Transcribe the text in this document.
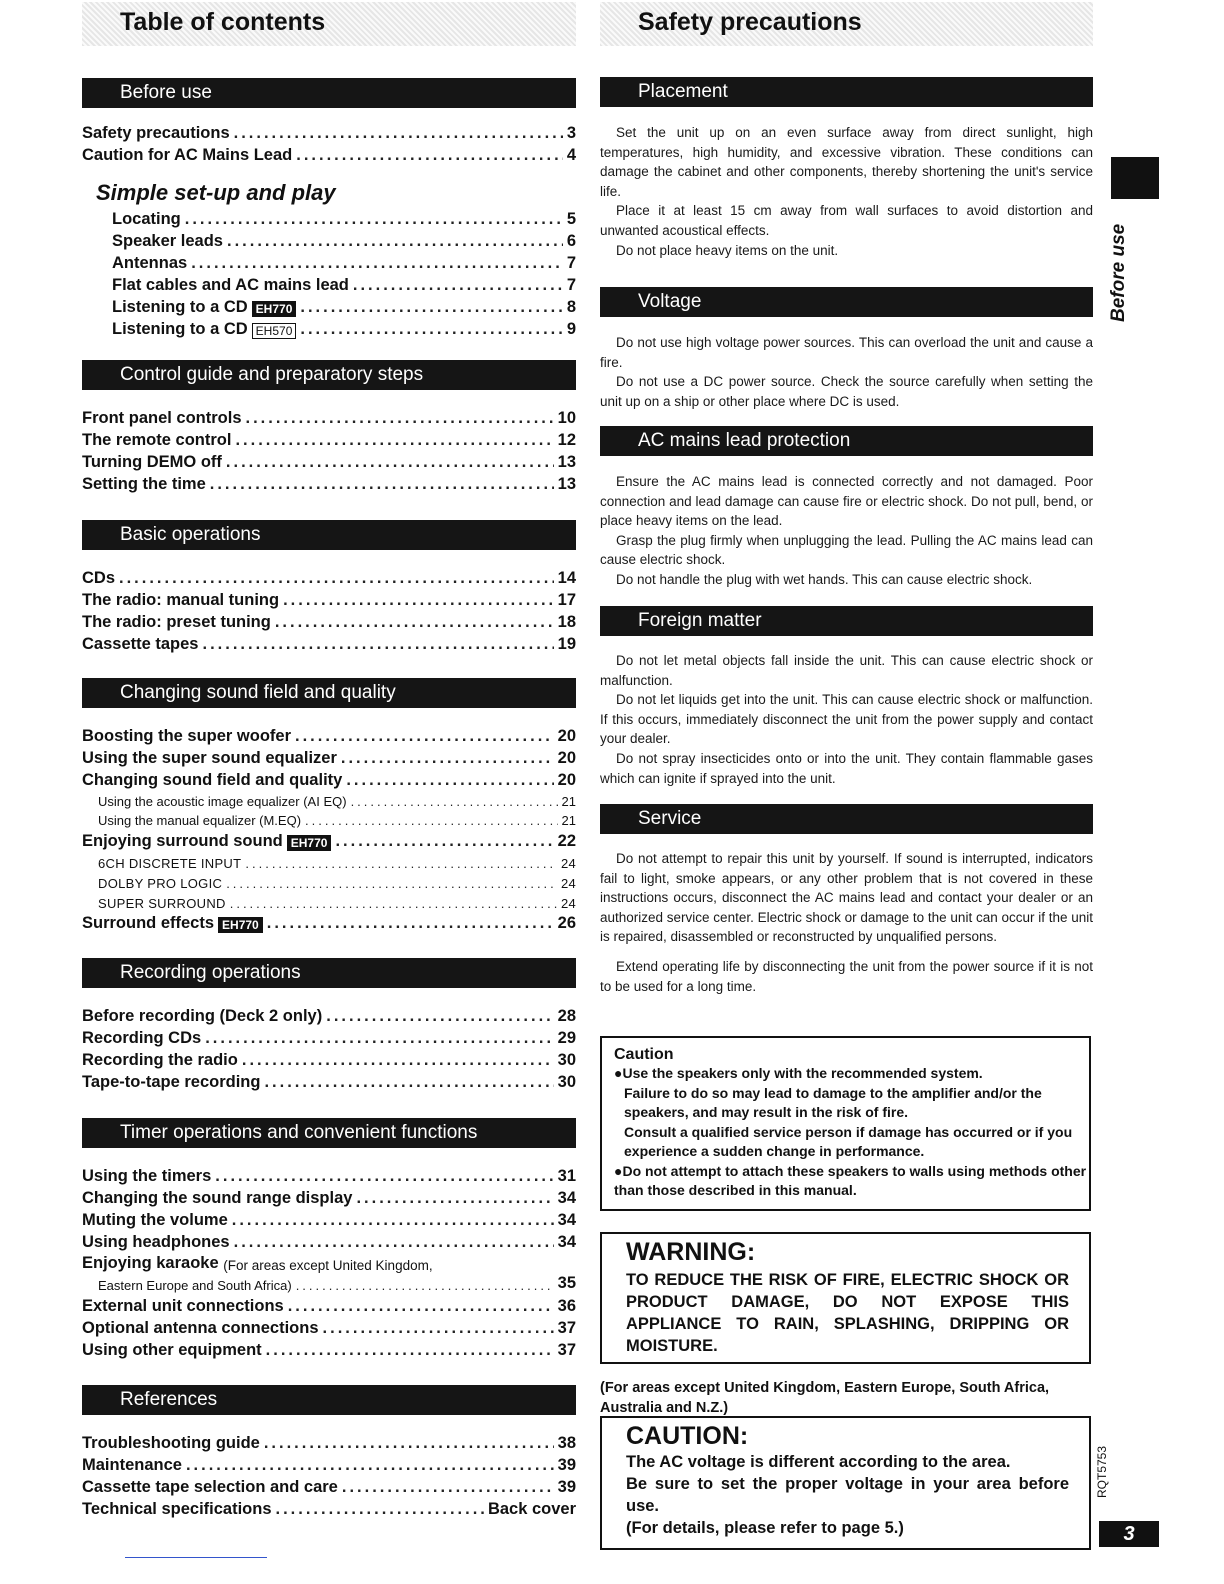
Table of contents	Safety precautions
Before use
Safety precautions .....	3
Caution for AC Mains Lead .....	4
Simple set-up and play
Locating .....	5
Speaker leads .....	6
Antennas .....	7
Flat cables and AC mains lead .....	7
Listening to a CD EH770 .....	8
Listening to a CD EH570 .....	9
Control guide and preparatory steps
Front panel controls .....	10
The remote control .....	12
Turning DEMO off .....	13
Setting the time .....	13
Basic operations
CDs .....	14
The radio: manual tuning .....	17
The radio: preset tuning .....	18
Cassette tapes .....	19
Changing sound field and quality
Boosting the super woofer .....	20
Using the super sound equalizer .....	20
Changing sound field and quality .....	20
Using the acoustic image equalizer (AI EQ) .....	21
Using the manual equalizer (M.EQ) .....	21
Enjoying surround sound EH770 .....	22
6CH DISCRETE INPUT .....	24
DOLBY PRO LOGIC .....	24
SUPER SURROUND .....	24
Surround effects EH770 .....	26
Recording operations
Before recording (Deck 2 only) .....	28
Recording CDs .....	29
Recording the radio .....	30
Tape-to-tape recording .....	30
Timer operations and convenient functions
Using the timers .....	31
Changing the sound range display .....	34
Muting the volume .....	34
Using headphones .....	34
Enjoying karaoke
(For areas except United Kingdom,
Eastern Europe and South Africa) .....	35
External unit connections .....	36
Optional antenna connections .....	37
Using other equipment .....	37
References
Troubleshooting guide .....	38
Maintenance .....	39
Cassette tape selection and care .....	39
Technical specifications .....	Back cover
Placement

Set the unit up on an even surface away from direct sunlight, high temperatures, high humidity, and excessive vibration. These conditions can damage the cabinet and other components, thereby shortening the unit's service life.

Place it at least 15 cm away from wall surfaces to avoid distortion and unwanted acoustical effects.

Do not place heavy items on the unit.

Voltage

Do not use high voltage power sources. This can overload the unit and cause a fire.

Do not use a DC power source. Check the source carefully when setting the unit up on a ship or other place where DC is used.

AC mains lead protection

Ensure the AC mains lead is connected correctly and not damaged. Poor connection and lead damage can cause fire or electric shock. Do not pull, bend, or place heavy items on the lead.

Grasp the plug firmly when unplugging the lead. Pulling the AC mains lead can cause electric shock.

Do not handle the plug with wet hands. This can cause electric shock.

Foreign matter

Do not let metal objects fall inside the unit. This can cause electric shock or malfunction.

Do not let liquids get into the unit. This can cause electric shock or malfunction. If this occurs, immediately disconnect the unit from the power supply and contact your dealer.

Do not spray insecticides onto or into the unit. They contain flammable gases which can ignite if sprayed into the unit.

Service

Do not attempt to repair this unit by yourself. If sound is interrupted, indicators fail to light, smoke appears, or any other problem that is not covered in these instructions occurs, disconnect the AC mains lead and contact your dealer or an authorized service center. Electric shock or damage to the unit can occur if the unit is repaired, disassembled or reconstructed by unqualified persons.

Extend operating life by disconnecting the unit from the power source if it is not to be used for a long time.

Caution
●Use the speakers only with the recommended system.
Failure to do so may lead to damage to the amplifier and/or the speakers, and may result in the risk of fire.
Consult a qualified service person if damage has occurred or if you experience a sudden change in performance.
●Do not attempt to attach these speakers to walls using methods other than those described in this manual.
WARNING:
TO REDUCE THE RISK OF FIRE, ELECTRIC SHOCK OR PRODUCT DAMAGE, DO NOT EXPOSE THIS APPLIANCE TO RAIN, SPLASHING, DRIPPING OR MOISTURE.
(For areas except United Kingdom, Eastern Europe, South Africa, Australia and N.Z.)
CAUTION:
The AC voltage is different according to the area.
Be sure to set the proper voltage in your area before use.
(For details, please refer to page 5.)
Before use
RQT5753
3
